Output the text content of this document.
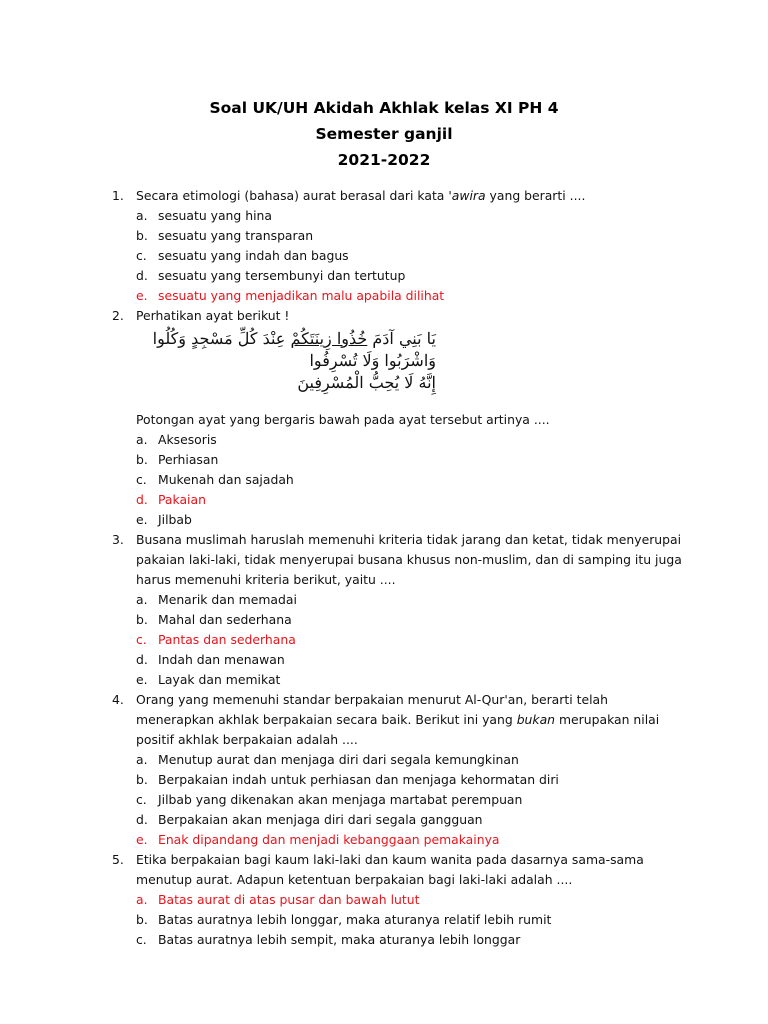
Soal UK/UH Akidah Akhlak kelas XI PH 4
Semester ganjil
2021-2022
1. Secara etimologi (bahasa) aurat berasal dari kata 'awira yang berarti ....
a. sesuatu yang hina
b. sesuatu yang transparan
c. sesuatu yang indah dan bagus
d. sesuatu yang tersembunyi dan tertutup
e. sesuatu yang menjadikan malu apabila dilihat
2. Perhatikan ayat berikut !
يَا بَنِي آدَمَ خُذُوا زِينَتَكُمْ عِنْدَ كُلِّ مَسْجِدٍ وَكُلُوا وَاشْرَبُوا وَلَا تُسْرِفُوا
إِنَّهُ لَا يُحِبُّ الْمُسْرِفِينَ
Potongan ayat yang bergaris bawah pada ayat tersebut artinya ....
a. Aksesoris
b. Perhiasan
c. Mukenah dan sajadah
d. Pakaian
e. Jilbab
3. Busana muslimah haruslah memenuhi kriteria tidak jarang dan ketat, tidak menyerupai pakaian laki-laki, tidak menyerupai busana khusus non-muslim, dan di samping itu juga harus memenuhi kriteria berikut, yaitu ....
a. Menarik dan memadai
b. Mahal dan sederhana
c. Pantas dan sederhana
d. Indah dan menawan
e. Layak dan memikat
4. Orang yang memenuhi standar berpakaian menurut Al-Qur'an, berarti telah menerapkan akhlak berpakaian secara baik. Berikut ini yang bukan merupakan nilai positif akhlak berpakaian adalah ....
a. Menutup aurat dan menjaga diri dari segala kemungkinan
b. Berpakaian indah untuk perhiasan dan menjaga kehormatan diri
c. Jilbab yang dikenakan akan menjaga martabat perempuan
d. Berpakaian akan menjaga diri dari segala gangguan
e. Enak dipandang dan menjadi kebanggaan pemakainya
5. Etika berpakaian bagi kaum laki-laki dan kaum wanita pada dasarnya sama-sama menutup aurat. Adapun ketentuan berpakaian bagi laki-laki adalah ....
a. Batas aurat di atas pusar dan bawah lutut
b. Batas auratnya lebih longgar, maka aturanya relatif lebih rumit
c. Batas auratnya lebih sempit, maka aturanya lebih longgar
